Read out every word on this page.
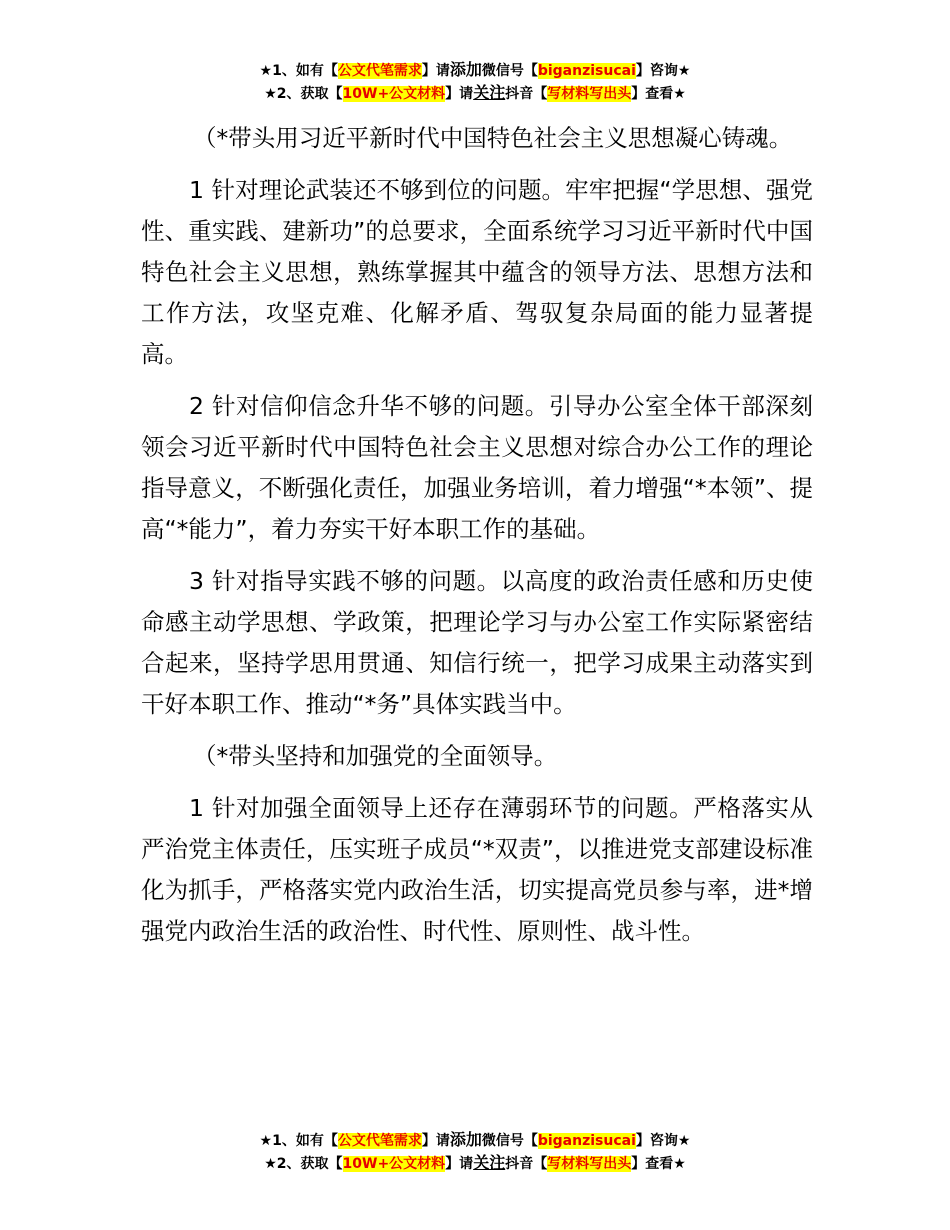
★1、如有【公文代笔需求】请添加微信号【biganzisucai】咨询★
★2、获取【10W+公文材料】请关注抖音【写材料写出头】查看★

（*带头用习近平新时代中国特色社会主义思想凝心铸魂。

1 针对理论武装还不够到位的问题。牢牢把握“学思想、强党性、重实践、建新功”的总要求，全面系统学习习近平新时代中国特色社会主义思想，熟练掌握其中蕴含的领导方法、思想方法和工作方法，攻坚克难、化解矛盾、驾驭复杂局面的能力显著提高。

2 针对信仰信念升华不够的问题。引导办公室全体干部深刻领会习近平新时代中国特色社会主义思想对综合办公工作的理论指导意义，不断强化责任，加强业务培训，着力增强“*本领”、提高“*能力”，着力夯实干好本职工作的基础。

3 针对指导实践不够的问题。以高度的政治责任感和历史使命感主动学思想、学政策，把理论学习与办公室工作实际紧密结合起来，坚持学思用贯通、知信行统一，把学习成果主动落实到干好本职工作、推动“*务”具体实践当中。

（*带头坚持和加强党的全面领导。

1 针对加强全面领导上还存在薄弱环节的问题。严格落实从严治党主体责任，压实班子成员“*双责”，以推进党支部建设标准化为抓手，严格落实党内政治生活，切实提高党员参与率，进*增强党内政治生活的政治性、时代性、原则性、战斗性。

★1、如有【公文代笔需求】请添加微信号【biganzisucai】咨询★
★2、获取【10W+公文材料】请关注抖音【写材料写出头】查看★
